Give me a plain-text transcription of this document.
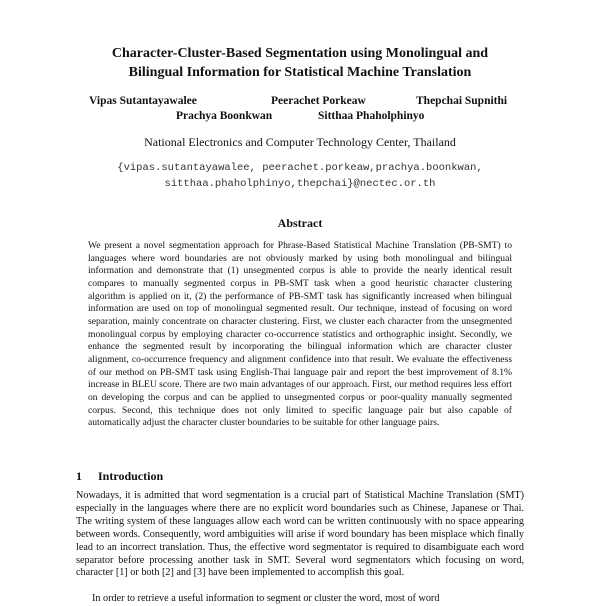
Character-Cluster-Based Segmentation using Monolingual and
Bilingual Information for Statistical Machine Translation
Vipas Sutantayawalee	Peerachet Porkeaw	Thepchai Supnithi
Prachya Boonkwan	Sitthaa Phaholphinyo
National Electronics and Computer Technology Center, Thailand
{vipas.sutantayawalee, peerachet.porkeaw,prachya.boonkwan,
sitthaa.phaholphinyo,thepchai}@nectec.or.th
Abstract
We present a novel segmentation approach for Phrase-Based Statistical Machine Translation (PB-SMT) to languages where word boundaries are not obviously marked by using both monolingual and bilingual information and demonstrate that (1) unsegmented corpus is able to provide the nearly identical result compares to manually segmented corpus in PB-SMT task when a good heuristic character clustering algorithm is applied on it, (2) the performance of PB-SMT task has significantly increased when bilingual information are used on top of monolingual segmented result. Our technique, instead of focusing on word separation, mainly concentrate on character clustering. First, we cluster each character from the unsegmented monolingual corpus by employing character co-occurrence statistics and orthographic insight. Secondly, we enhance the segmented result by incorporating the bilingual information which are character cluster alignment, co-occurrence frequency and alignment confidence into that result. We evaluate the effectiveness of our method on PB-SMT task using English-Thai language pair and report the best improvement of 8.1% increase in BLEU score. There are two main advantages of our approach. First, our method requires less effort on developing the corpus and can be applied to unsegmented corpus or poor-quality manually segmented corpus. Second, this technique does not only limited to specific language pair but also capable of automatically adjust the character cluster boundaries to be suitable for other language pairs.
1 Introduction
Nowadays, it is admitted that word segmentation is a crucial part of Statistical Machine Translation (SMT) especially in the languages where there are no explicit word boundaries such as Chinese, Japanese or Thai. The writing system of these languages allow each word can be written continuously with no space appearing between words. Consequently, word ambiguities will arise if word boundary has been misplace which finally lead to an incorrect translation. Thus, the effective word segmentator is required to disambiguate each word separator before processing another task in SMT. Several word segmentators which focusing on word, character [1] or both [2] and [3] have been implemented to accomplish this goal.
In order to retrieve a useful information to segment or cluster the word, most of word
